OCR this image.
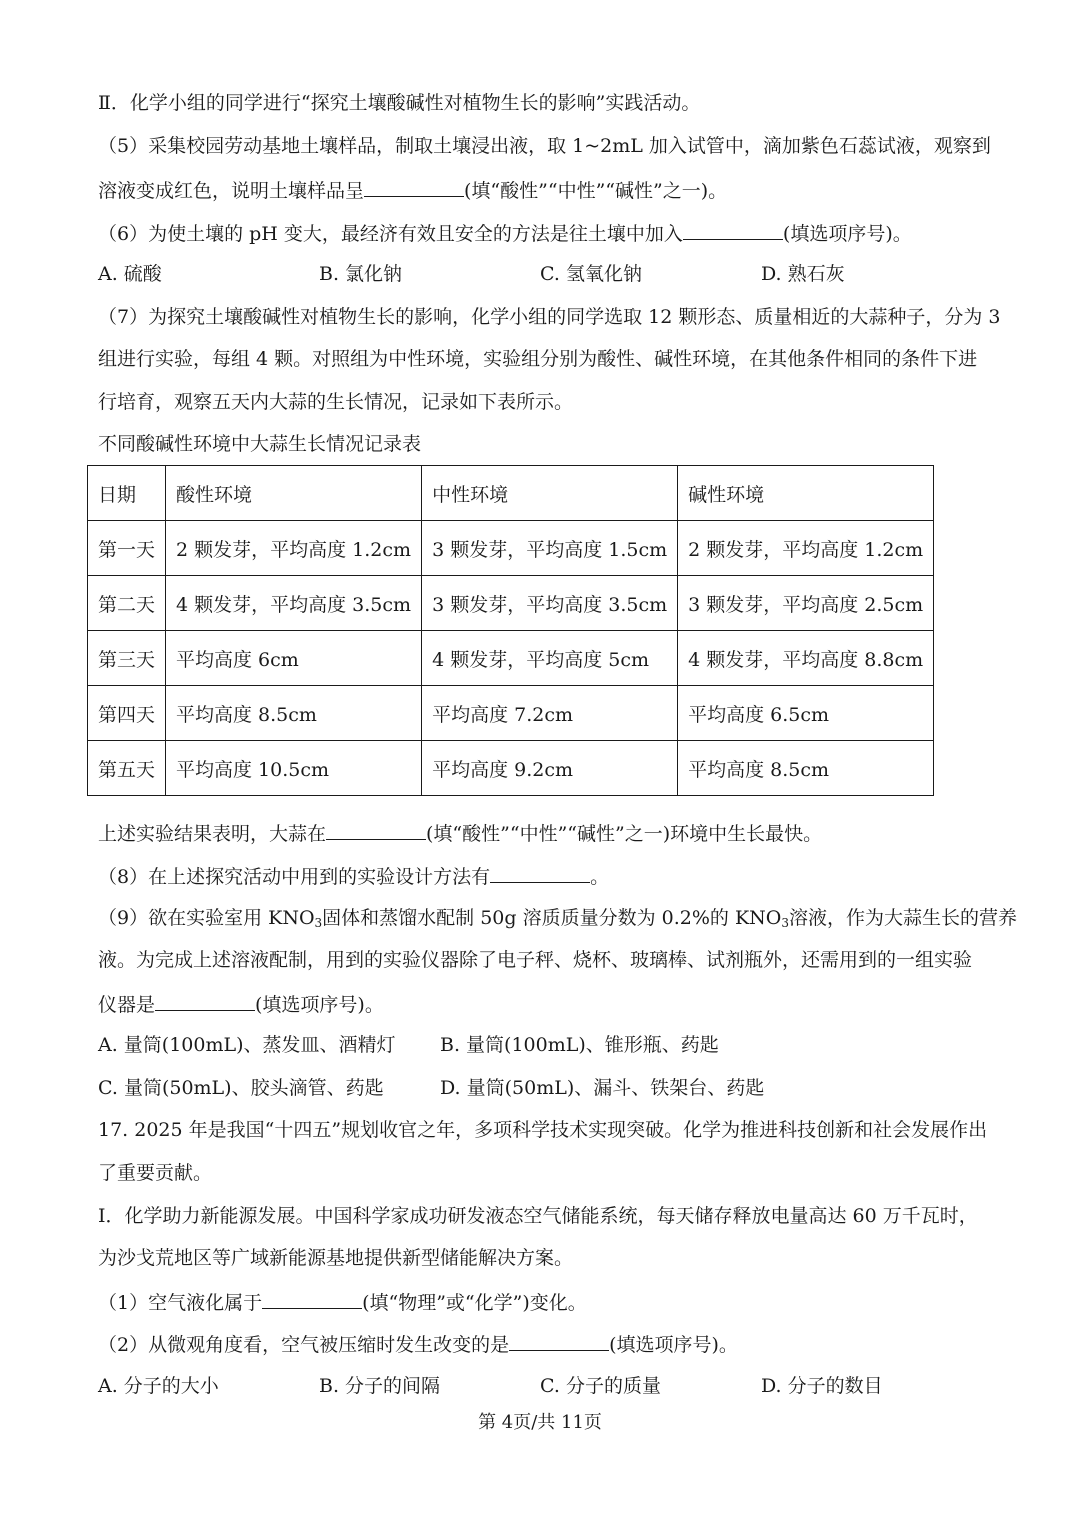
Ⅱ．化学小组的同学进行“探究土壤酸碱性对植物生长的影响”实践活动。
（5）采集校园劳动基地土壤样品，制取土壤浸出液，取 1~2mL 加入试管中，滴加紫色石蕊试液，观察到
溶液变成红色，说明土壤样品呈	(填“酸性”“中性”“碱性”之一)。
（6）为使土壤的 pH 变大，最经济有效且安全的方法是往土壤中加入	(填选项序号)。
A. 硫酸	B. 氯化钠	C. 氢氧化钠	D. 熟石灰
（7）为探究土壤酸碱性对植物生长的影响，化学小组的同学选取 12 颗形态、质量相近的大蒜种子，分为 3
组进行实验，每组 4 颗。对照组为中性环境，实验组分别为酸性、碱性环境，在其他条件相同的条件下进
行培育，观察五天内大蒜的生长情况，记录如下表所示。
不同酸碱性环境中大蒜生长情况记录表
日期	酸性环境	中性环境	碱性环境
第一天	2 颗发芽，平均高度 1.2cm	3 颗发芽，平均高度 1.5cm	2 颗发芽，平均高度 1.2cm
第二天	4 颗发芽，平均高度 3.5cm	3 颗发芽，平均高度 3.5cm	3 颗发芽，平均高度 2.5cm
第三天	平均高度 6cm	4 颗发芽，平均高度 5cm	4 颗发芽，平均高度 8.8cm
第四天	平均高度 8.5cm	平均高度 7.2cm	平均高度 6.5cm
第五天	平均高度 10.5cm	平均高度 9.2cm	平均高度 8.5cm
上述实验结果表明，大蒜在	(填“酸性”“中性”“碱性”之一)环境中生长最快。
（8）在上述探究活动中用到的实验设计方法有	。
（9）欲在实验室用 $KNO_3$固体和蒸馏水配制 50g 溶质质量分数为 0.2%的 $KNO_3$溶液，作为大蒜生长的营养
液。为完成上述溶液配制，用到的实验仪器除了电子秤、烧杯、玻璃棒、试剂瓶外，还需用到的一组实验
仪器是	(填选项序号)。
A. 量筒(100mL)、蒸发皿、酒精灯 B. 量筒(100mL)、锥形瓶、药匙
C. 量筒(50mL)、胶头滴管、药匙	D. 量筒(50mL)、漏斗、铁架台、药匙
17. 2025 年是我国“十四五”规划收官之年，多项科学技术实现突破。化学为推进科技创新和社会发展作出
了重要贡献。
Ⅰ．化学助力新能源发展。中国科学家成功研发液态空气储能系统，每天储存释放电量高达 60 万千瓦时，
为沙戈荒地区等广域新能源基地提供新型储能解决方案。
（1）空气液化属于	(填“物理”或“化学”)变化。
（2）从微观角度看，空气被压缩时发生改变的是	(填选项序号)。
A. 分子的大小	B. 分子的间隔	C. 分子的质量	D. 分子的数目
第 4页/共 11页
